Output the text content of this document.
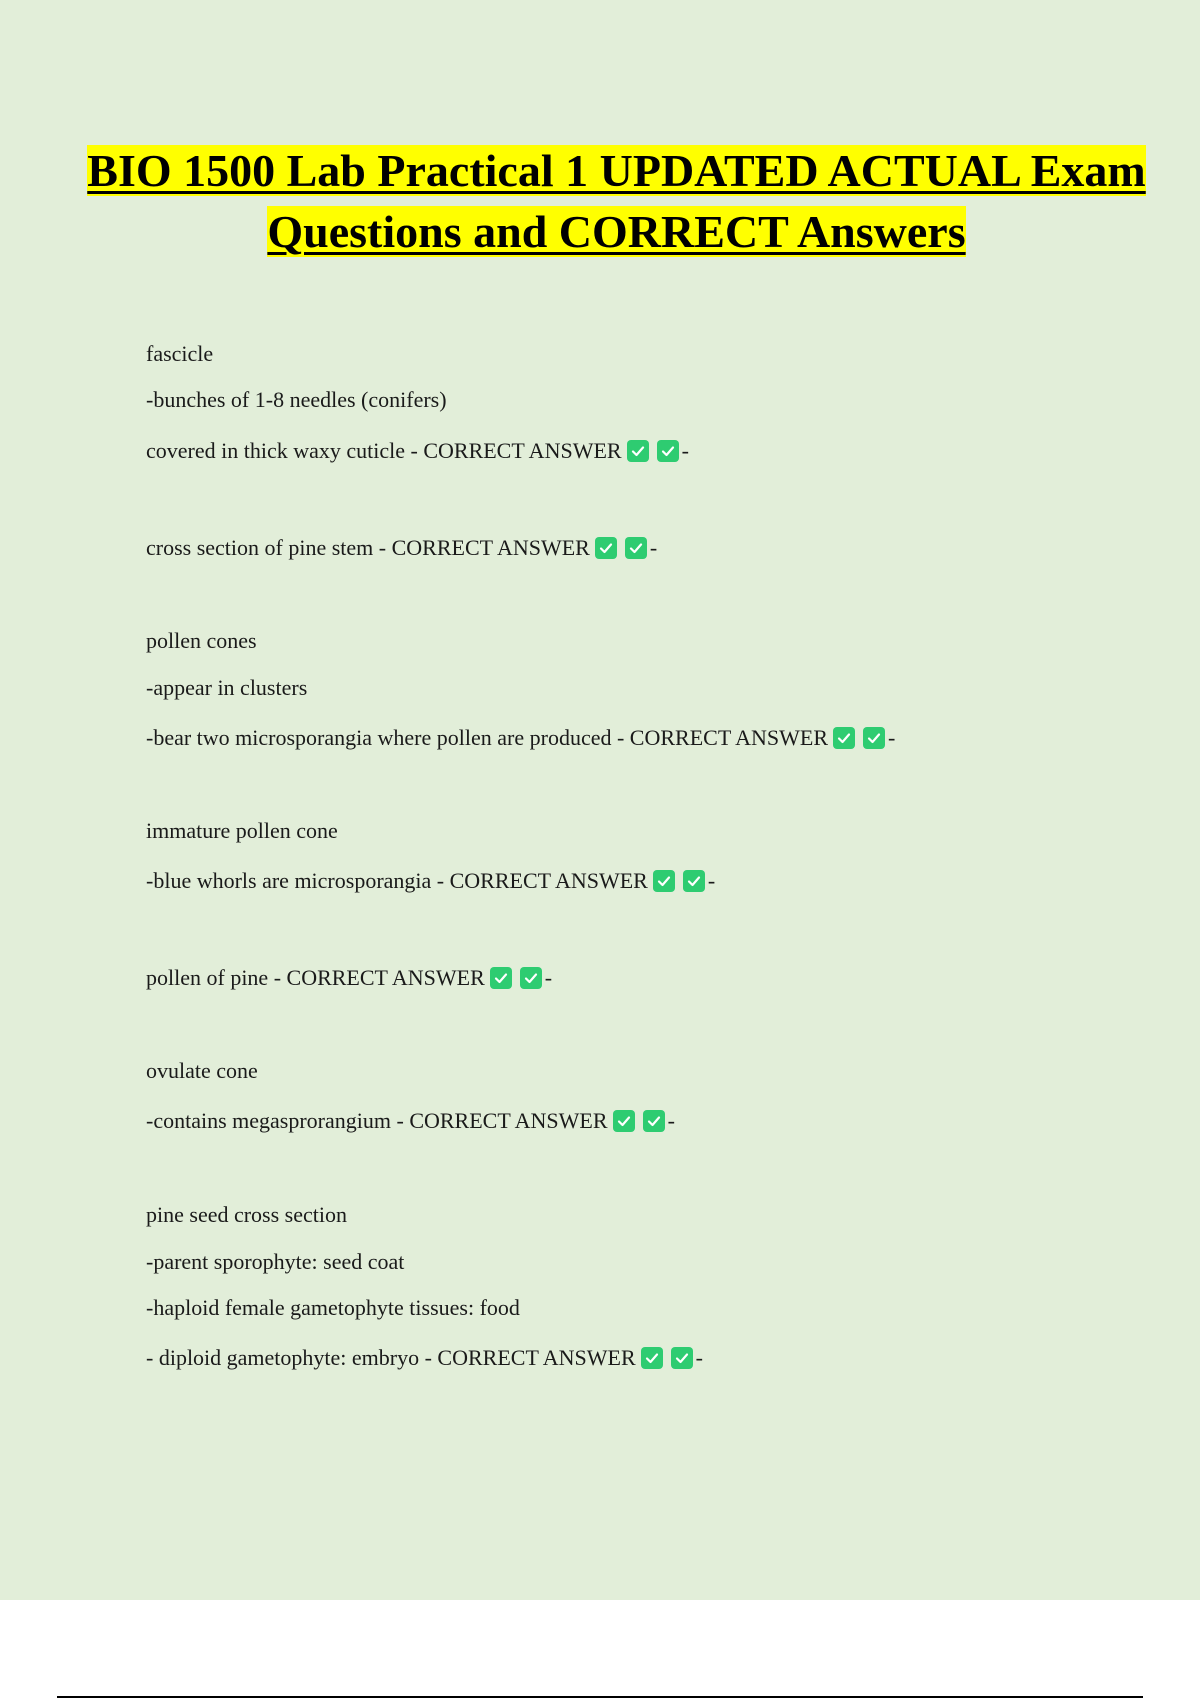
BIO 1500 Lab Practical 1 UPDATED ACTUAL Exam Questions and CORRECT Answers
fascicle
-bunches of 1-8 needles (conifers)
covered in thick waxy cuticle - CORRECT ANSWER	-
cross section of pine stem - CORRECT ANSWER	-
pollen cones
-appear in clusters
-bear two microsporangia where pollen are produced - CORRECT ANSWER	-
immature pollen cone
-blue whorls are microsporangia - CORRECT ANSWER	-
pollen of pine - CORRECT ANSWER	-
ovulate cone
-contains megasprorangium - CORRECT ANSWER	-
pine seed cross section
-parent sporophyte: seed coat
-haploid female gametophyte tissues: food
- diploid gametophyte: embryo - CORRECT ANSWER	-
